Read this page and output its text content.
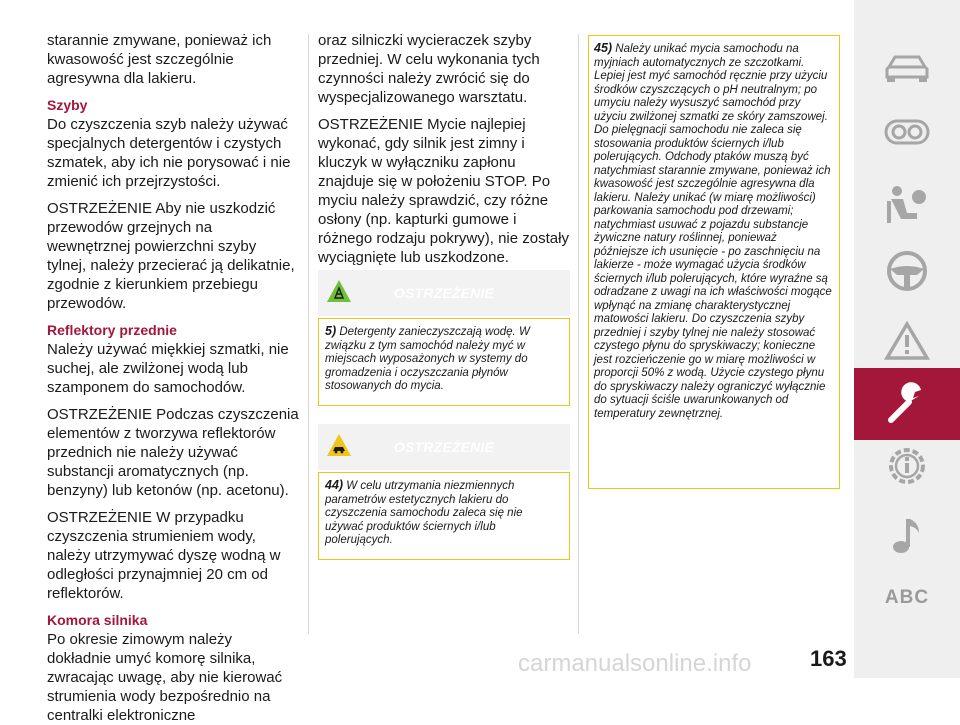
starannie zmywane, ponieważ ich kwasowość jest szczególnie agresywna dla lakieru.

Szyby

Do czyszczenia szyb należy używać specjalnych detergentów i czystych szmatek, aby ich nie porysować i nie zmienić ich przejrzystości.

OSTRZEŻENIE Aby nie uszkodzić przewodów grzejnych na wewnętrznej powierzchni szyby tylnej, należy przecierać ją delikatnie, zgodnie z kierunkiem przebiegu przewodów.

Reflektory przednie

Należy używać miękkiej szmatki, nie suchej, ale zwilżonej wodą lub szamponem do samochodów.

OSTRZEŻENIE Podczas czyszczenia elementów z tworzywa reflektorów przednich nie należy używać substancji aromatycznych (np. benzyny) lub ketonów (np. acetonu).

OSTRZEŻENIE W przypadku czyszczenia strumieniem wody, należy utrzymywać dyszę wodną w odległości przynajmniej 20 cm od reflektorów.

Komora silnika

Po okresie zimowym należy dokładnie umyć komorę silnika, zwracając uwagę, aby nie kierować strumienia wody bezpośrednio na centralki elektroniczne

oraz silniczki wycieraczek szyby przedniej. W celu wykonania tych czynności należy zwrócić się do wyspecjalizowanego warsztatu.

OSTRZEŻENIE Mycie najlepiej wykonać, gdy silnik jest zimny i kluczyk w wyłączniku zapłonu znajduje się w położeniu STOP. Po myciu należy sprawdzić, czy różne osłony (np. kapturki gumowe i różnego rodzaju pokrywy), nie zostały wyciągnięte lub uszkodzone.

OSTRZEŻENIE

5) Detergenty zanieczyszczają wodę. W związku z tym samochód należy myć w miejscach wyposażonych w systemy do gromadzenia i oczyszczania płynów stosowanych do mycia.

OSTRZEŻENIE

44) W celu utrzymania niezmiennych parametrów estetycznych lakieru do czyszczenia samochodu zaleca się nie używać produktów ściernych i/lub polerujących.

45) Należy unikać mycia samochodu na myjniach automatycznych ze szczotkami. Lepiej jest myć samochód ręcznie przy użyciu środków czyszczących o pH neutralnym; po umyciu należy wysuszyć samochód przy użyciu zwilżonej szmatki ze skóry zamszowej. Do pielęgnacji samochodu nie zaleca się stosowania produktów ściernych i/lub polerujących. Odchody ptaków muszą być natychmiast starannie zmywane, ponieważ ich kwasowość jest szczególnie agresywna dla lakieru. Należy unikać (w miarę możliwości) parkowania samochodu pod drzewami; natychmiast usuwać z pojazdu substancje żywiczne natury roślinnej, ponieważ późniejsze ich usunięcie - po zaschnięciu na lakierze - może wymagać użycia środków ściernych i/lub polerujących, które wyraźne są odradzane z uwagi na ich właściwości mogące wpłynąć na zmianę charakterystycznej matowości lakieru. Do czyszczenia szyby przedniej i szyby tylnej nie należy stosować czystego płynu do spryskiwaczy; konieczne jest rozcieńczenie go w miarę możliwości w proporcji 50% z wodą. Użycie czystego płynu do spryskiwaczy należy ograniczyć wyłącznie do sytuacji ściśle uwarunkowanych od temperatury zewnętrznej.

ABC
carmanualsonline.info	163
